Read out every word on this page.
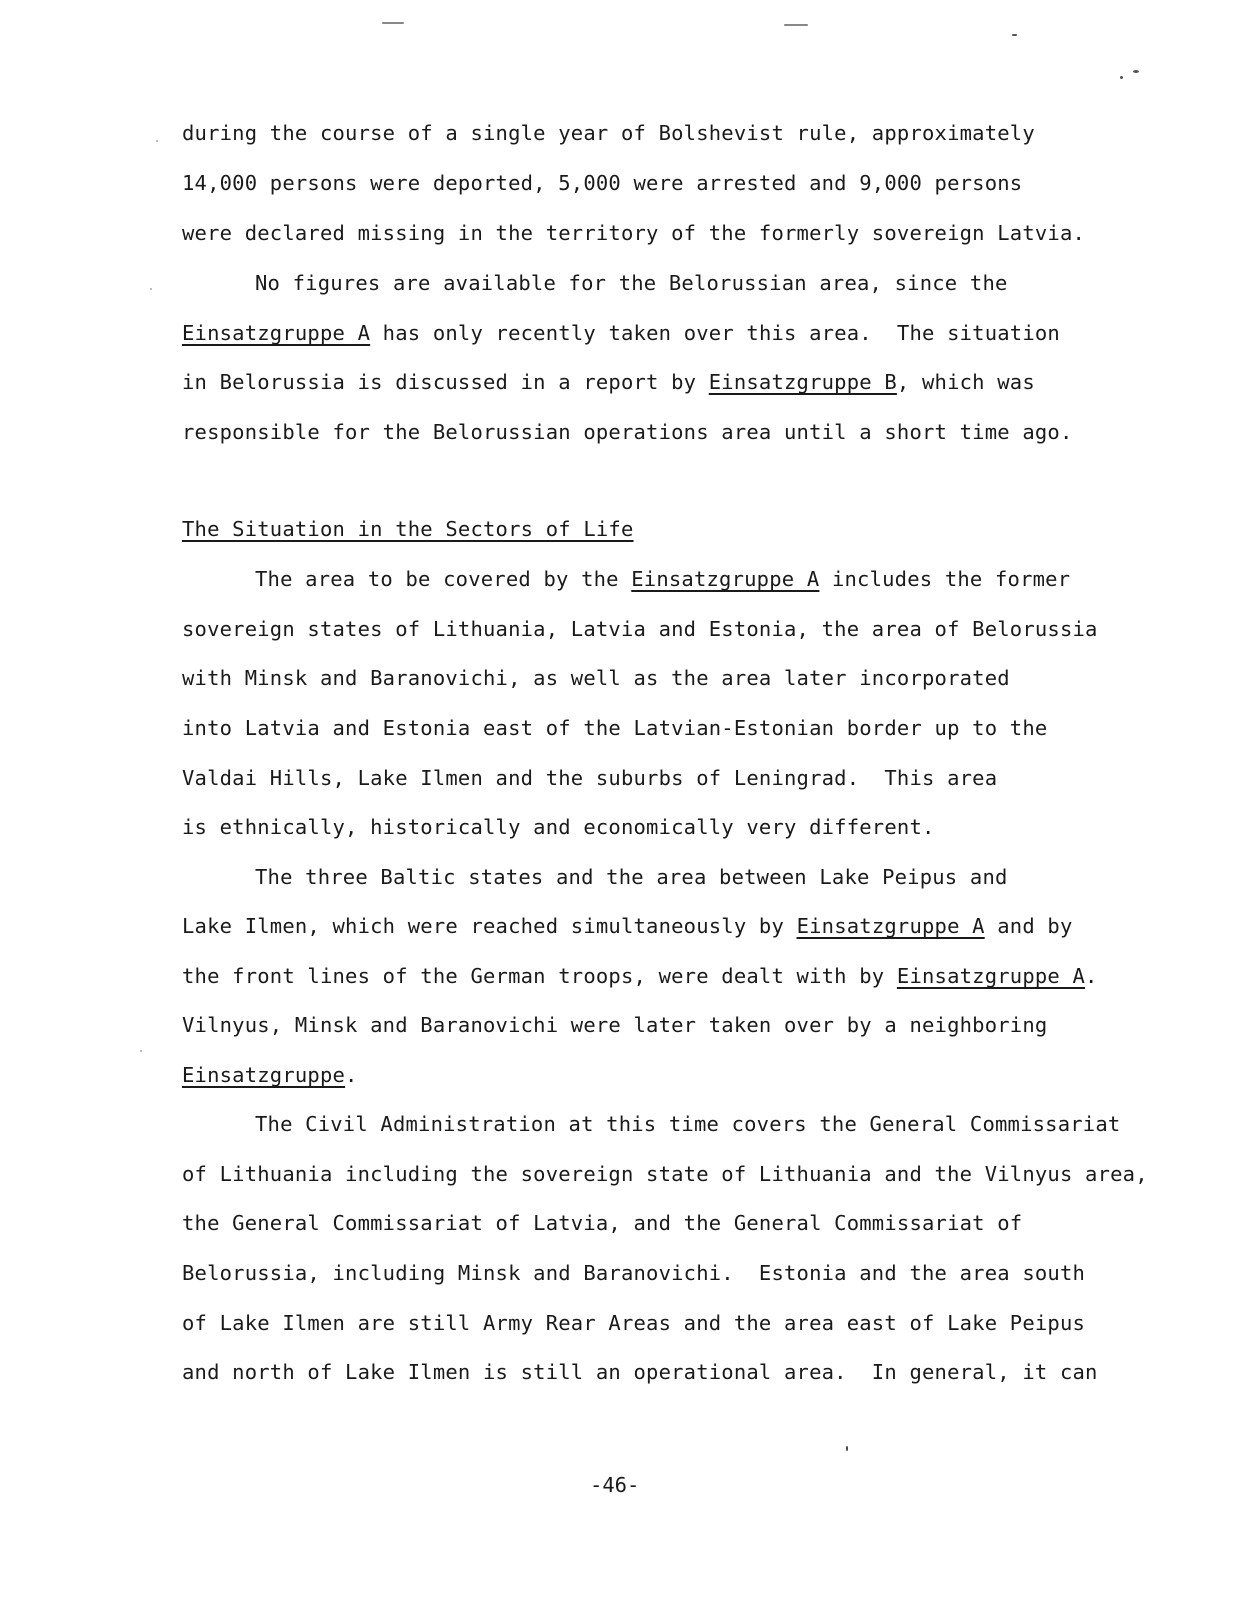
during the course of a single year of Bolshevist rule, approximately
14,000 persons were deported, 5,000 were arrested and 9,000 persons
were declared missing in the territory of the formerly sovereign Latvia.
No figures are available for the Belorussian area, since the
Einsatzgruppe A has only recently taken over this area.  The situation
in Belorussia is discussed in a report by Einsatzgruppe B, which was
responsible for the Belorussian operations area until a short time ago.
The Situation in the Sectors of Life
The area to be covered by the Einsatzgruppe A includes the former
sovereign states of Lithuania, Latvia and Estonia, the area of Belorussia
with Minsk and Baranovichi, as well as the area later incorporated
into Latvia and Estonia east of the Latvian-Estonian border up to the
Valdai Hills, Lake Ilmen and the suburbs of Leningrad.  This area
is ethnically, historically and economically very different.
The three Baltic states and the area between Lake Peipus and
Lake Ilmen, which were reached simultaneously by Einsatzgruppe A and by
the front lines of the German troops, were dealt with by Einsatzgruppe A.
Vilnyus, Minsk and Baranovichi were later taken over by a neighboring
Einsatzgruppe.
The Civil Administration at this time covers the General Commissariat
of Lithuania including the sovereign state of Lithuania and the Vilnyus area,
the General Commissariat of Latvia, and the General Commissariat of
Belorussia, including Minsk and Baranovichi.  Estonia and the area south
of Lake Ilmen are still Army Rear Areas and the area east of Lake Peipus
and north of Lake Ilmen is still an operational area.  In general, it can
-46-
